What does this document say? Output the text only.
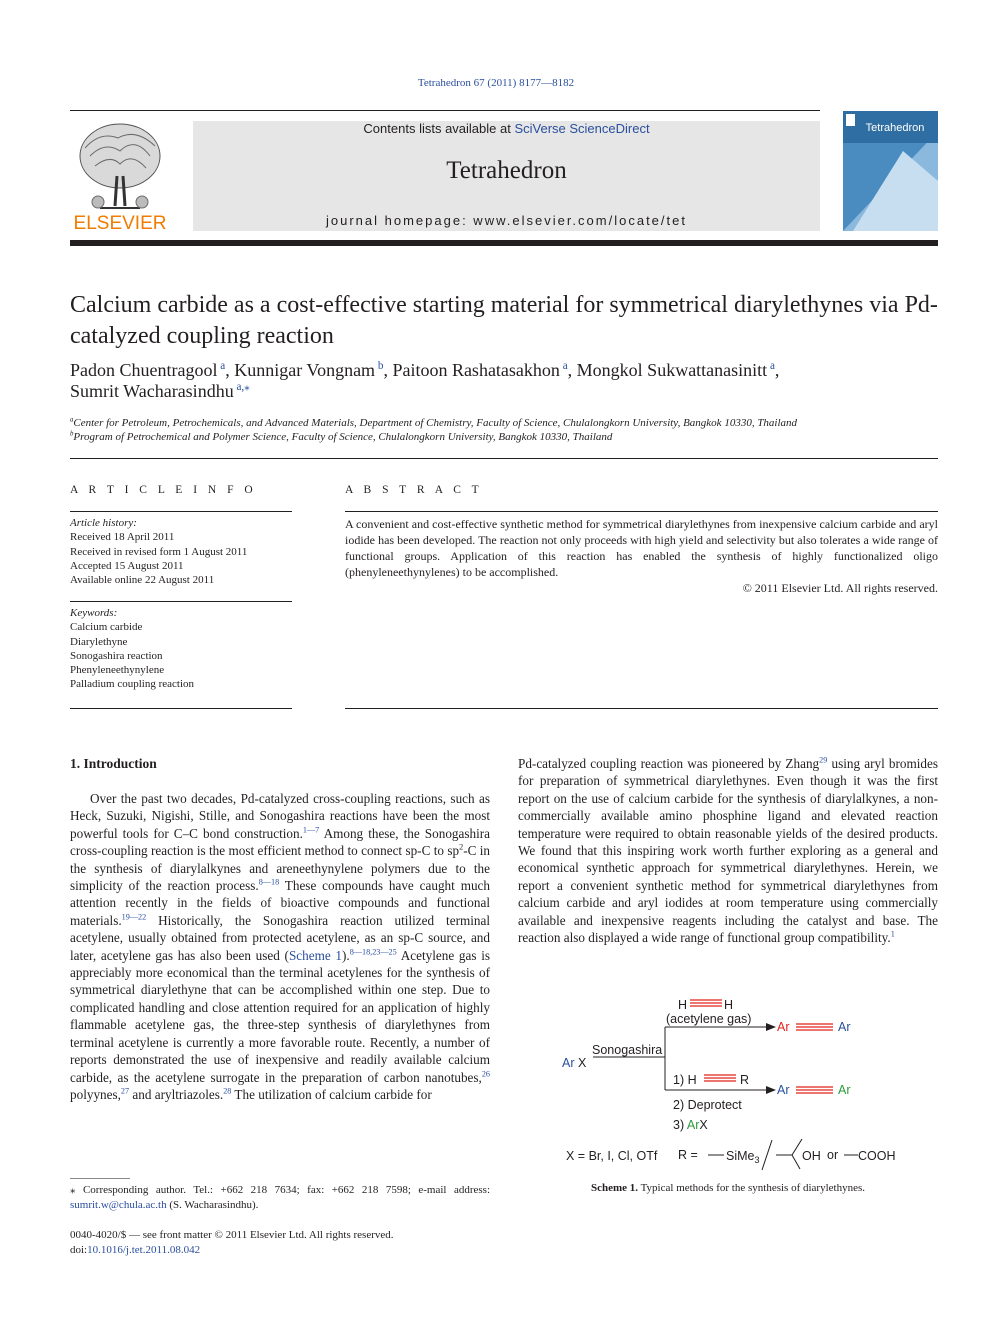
Tetrahedron 67 (2011) 8177—8182
ELSEVIER
Contents lists available at SciVerse ScienceDirect
Tetrahedron
journal homepage: www.elsevier.com/locate/tet
Tetrahedron
Calcium carbide as a cost-effective starting material for symmetrical diarylethynes via Pd-catalyzed coupling reaction
Padon Chuentragool $^a$, Kunnigar Vongnam $^b$, Paitoon Rashatasakhon $^a$, Mongkol Sukwattanasinitt $^a$,
Sumrit Wacharasindhu $^{a,⁎}$
$^a$Center for Petroleum, Petrochemicals, and Advanced Materials, Department of Chemistry, Faculty of Science, Chulalongkorn University, Bangkok 10330, Thailand
$^b$Program of Petrochemical and Polymer Science, Faculty of Science, Chulalongkorn University, Bangkok 10330, Thailand
A R T I C L E I N F O
Article history:
Received 18 April 2011
Received in revised form 1 August 2011
Accepted 15 August 2011
Available online 22 August 2011
Keywords:
Calcium carbide
Diarylethyne
Sonogashira reaction
Phenyleneethynylene
Palladium coupling reaction
A B S T R A C T
A convenient and cost-effective synthetic method for symmetrical diarylethynes from inexpensive calcium carbide and aryl iodide has been developed. The reaction not only proceeds with high yield and selectivity but also tolerates a wide range of functional groups. Application of this reaction has enabled the synthesis of highly functionalized oligo (phenyleneethynylenes) to be accomplished.
© 2011 Elsevier Ltd. All rights reserved.
1. Introduction
Over the past two decades, Pd-catalyzed cross-coupling reactions, such as Heck, Suzuki, Nigishi, Stille, and Sonogashira reactions have been the most powerful tools for C–C bond construction.$^{1—7}$ Among these, the Sonogashira cross-coupling reaction is the most efficient method to connect sp-C to $sp^2-C$ in the synthesis of diarylalkynes and areneethynylene polymers due to the simplicity of the reaction process.$^{8—18}$ These compounds have caught much attention recently in the fields of bioactive compounds and functional materials.$^{19—22}$ Historically, the Sonogashira reaction utilized terminal acetylene, usually obtained from protected acetylene, as an sp-C source, and later, acetylene gas has also been used (Scheme 1).$^{8—18,23—25}$ Acetylene gas is appreciably more economical than the terminal acetylenes for the synthesis of symmetrical diarylethyne that can be accomplished within one step. Due to complicated handling and close attention required for an application of highly flammable acetylene gas, the three-step synthesis of diarylethynes from terminal acetylene is currently a more favorable route. Recently, a number of reports demonstrated the use of inexpensive and readily available calcium carbide, as the acetylene surrogate in the preparation of carbon nanotubes,$^{26}$ polyynes,$^{27}$ and aryltriazoles.$^{28}$ The utilization of calcium carbide for
Pd-catalyzed coupling reaction was pioneered by Zhang$^{29}$ using aryl bromides for preparation of symmetrical diarylethynes. Even though it was the first report on the use of calcium carbide for the synthesis of diarylalkynes, a non-commercially available amino phosphine ligand and elevated reaction temperature were required to obtain reasonable yields of the desired products. We found that this inspiring work worth further exploring as a general and economical synthetic approach for symmetrical diarylethynes. Herein, we report a convenient synthetic method for symmetrical diarylethynes from calcium carbide and aryl iodides at room temperature using commercially available and inexpensive reagents including the catalyst and base. The reaction also displayed a wide range of functional group compatibility.$^1$
H	H
(acetylene gas)
Sonogashira
Ar X
Ar	Ar
1) H	R
2) Deprotect
3) ArX
Ar	Ar
X = Br, I, Cl, OTf R = SiMe$_3$	OH or COOH
Scheme 1. Typical methods for the synthesis of diarylethynes.
⁎ Corresponding author. Tel.: +662 218 7634; fax: +662 218 7598; e-mail address: sumrit.w@chula.ac.th (S. Wacharasindhu).
0040-4020/$ — see front matter © 2011 Elsevier Ltd. All rights reserved.
doi:10.1016/j.tet.2011.08.042
